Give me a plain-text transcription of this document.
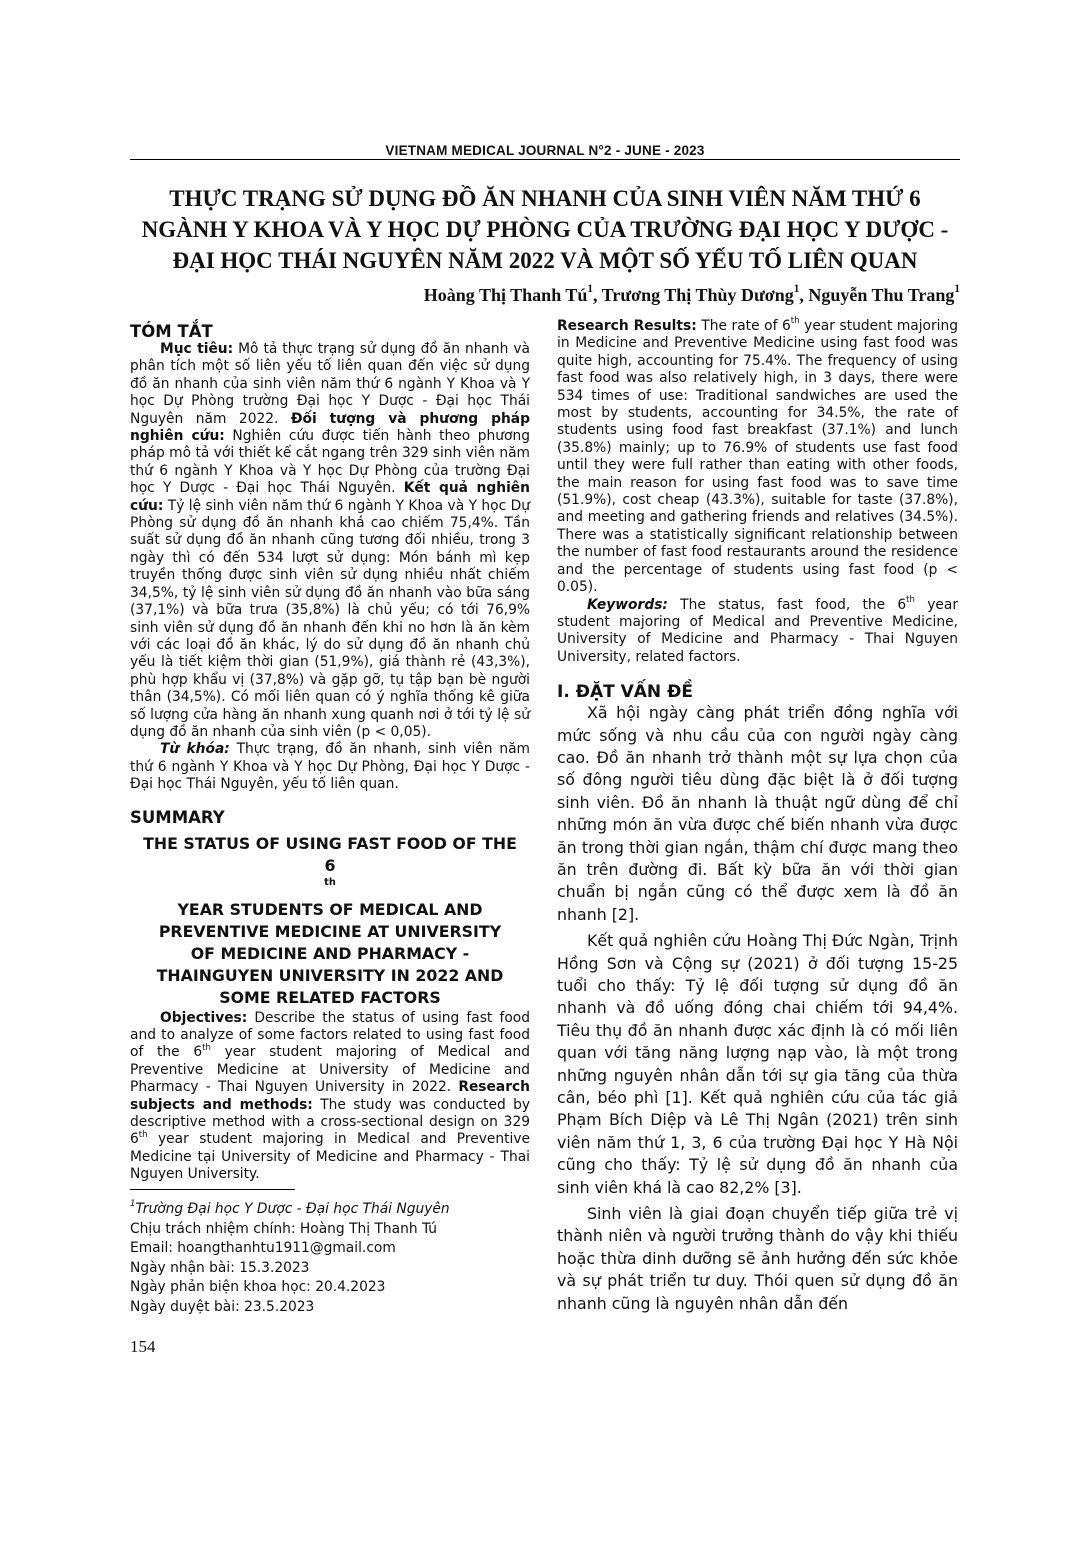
VIETNAM MEDICAL JOURNAL N°2 - JUNE - 2023
THỰC TRẠNG SỬ DỤNG ĐỒ ĂN NHANH CỦA SINH VIÊN NĂM THỨ 6
NGÀNH Y KHOA VÀ Y HỌC DỰ PHÒNG CỦA TRƯỜNG ĐẠI HỌC Y DƯỢC -
ĐẠI HỌC THÁI NGUYÊN NĂM 2022 VÀ MỘT SỐ YẾU TỐ LIÊN QUAN
Hoàng Thị Thanh $Tú^1$, Trương Thị Thùy Dương$^1$, Nguyễn Thu Trang$^1$
TÓM TẮT

Mục tiêu: Mô tả thực trạng sử dụng đồ ăn nhanh và phân tích một số liên yếu tố liên quan đến việc sử dụng đồ ăn nhanh của sinh viên năm thứ 6 ngành Y Khoa và Y học Dự Phòng trường Đại học Y Dược - Đại học Thái Nguyên năm 2022. Đối tượng và phương pháp nghiên cứu: Nghiên cứu được tiến hành theo phương pháp mô tả với thiết kế cắt ngang trên 329 sinh viên năm thứ 6 ngành Y Khoa và Y học Dự Phòng của trường Đại học Y Dược - Đại học Thái Nguyên. Kết quả nghiên cứu: Tỷ lệ sinh viên năm thứ 6 ngành Y Khoa và Y học Dự Phòng sử dụng đồ ăn nhanh khá cao chiếm 75,4%. Tần suất sử dụng đồ ăn nhanh cũng tương đối nhiều, trong 3 ngày thì có đến 534 lượt sử dụng: Món bánh mì kẹp truyền thống được sinh viên sử dụng nhiều nhất chiếm 34,5%, tỷ lệ sinh viên sử dụng đồ ăn nhanh vào bữa sáng (37,1%) và bữa trưa (35,8%) là chủ yếu; có tới 76,9% sinh viên sử dụng đồ ăn nhanh đến khi no hơn là ăn kèm với các loại đồ ăn khác, lý do sử dụng đồ ăn nhanh chủ yếu là tiết kiệm thời gian (51,9%), giá thành rẻ (43,3%), phù hợp khẩu vị (37,8%) và gặp gỡ, tụ tập bạn bè người thân (34,5%). Có mối liên quan có ý nghĩa thống kê giữa số lượng cửa hàng ăn nhanh xung quanh nơi ở tới tỷ lệ sử dụng đồ ăn nhanh của sinh viên (p < 0,05).

Từ khóa: Thực trạng, đồ ăn nhanh, sinh viên năm thứ 6 ngành Y Khoa và Y học Dự Phòng, Đại học Y Dược - Đại học Thái Nguyên, yếu tố liên quan.

SUMMARY
THE STATUS OF USING FAST FOOD OF THE
6
$^{th}$
YEAR STUDENTS OF MEDICAL AND
PREVENTIVE MEDICINE AT UNIVERSITY
OF MEDICINE AND PHARMACY -
THAINGUYEN UNIVERSITY IN 2022 AND
SOME RELATED FACTORS

Objectives: Describe the status of using fast food and to analyze of some factors related to using fast food of the 6th year student majoring of Medical and Preventive Medicine at University of Medicine and Pharmacy - Thai Nguyen University in 2022. Research subjects and methods: The study was conducted by descriptive method with a cross-sectional design on 329 6th year student majoring in Medical and Preventive Medicine tại University of Medicine and Pharmacy - Thai Nguyen University.

$^1$Trường Đại học Y Dược - Đại học Thái Nguyên
Chịu trách nhiệm chính: Hoàng Thị Thanh Tú
Email: hoangthanhtu1911@gmail.com
Ngày nhận bài: 15.3.2023
Ngày phản biện khoa học: 20.4.2023
Ngày duyệt bài: 23.5.2023
154

Research Results: The rate of 6th year student majoring in Medicine and Preventive Medicine using fast food was quite high, accounting for 75.4%. The frequency of using fast food was also relatively high, in 3 days, there were 534 times of use: Traditional sandwiches are used the most by students, accounting for 34.5%, the rate of students using food fast breakfast (37.1%) and lunch (35.8%) mainly; up to 76.9% of students use fast food until they were full rather than eating with other foods, the main reason for using fast food was to save time (51.9%), cost cheap (43.3%), suitable for taste (37.8%), and meeting and gathering friends and relatives (34.5%). There was a statistically significant relationship between the number of fast food restaurants around the residence and the percentage of students using fast food (p < 0.05).

Keywords: The status, fast food, the 6th year student majoring of Medical and Preventive Medicine, University of Medicine and Pharmacy - Thai Nguyen University, related factors.

I. ĐẶT VẤN ĐỀ

Xã hội ngày càng phát triển đồng nghĩa với mức sống và nhu cầu của con người ngày càng cao. Đồ ăn nhanh trở thành một sự lựa chọn của số đông người tiêu dùng đặc biệt là ở đối tượng sinh viên. Đồ ăn nhanh là thuật ngữ dùng để chỉ những món ăn vừa được chế biến nhanh vừa được ăn trong thời gian ngắn, thậm chí được mang theo ăn trên đường đi. Bất kỳ bữa ăn với thời gian chuẩn bị ngắn cũng có thể được xem là đồ ăn nhanh [2].

Kết quả nghiên cứu Hoàng Thị Đức Ngàn, Trịnh Hồng Sơn và Cộng sự (2021) ở đối tượng 15-25 tuổi cho thấy: Tỷ lệ đối tượng sử dụng đồ ăn nhanh và đồ uống đóng chai chiếm tới 94,4%. Tiêu thụ đồ ăn nhanh được xác định là có mối liên quan với tăng năng lượng nạp vào, là một trong những nguyên nhân dẫn tới sự gia tăng của thừa cân, béo phì [1]. Kết quả nghiên cứu của tác giả Phạm Bích Diệp và Lê Thị Ngân (2021) trên sinh viên năm thứ 1, 3, 6 của trường Đại học Y Hà Nội cũng cho thấy: Tỷ lệ sử dụng đồ ăn nhanh của sinh viên khá là cao 82,2% [3].

Sinh viên là giai đoạn chuyển tiếp giữa trẻ vị thành niên và người trưởng thành do vậy khi thiếu hoặc thừa dinh dưỡng sẽ ảnh hưởng đến sức khỏe và sự phát triển tư duy. Thói quen sử dụng đồ ăn nhanh cũng là nguyên nhân dẫn đến
